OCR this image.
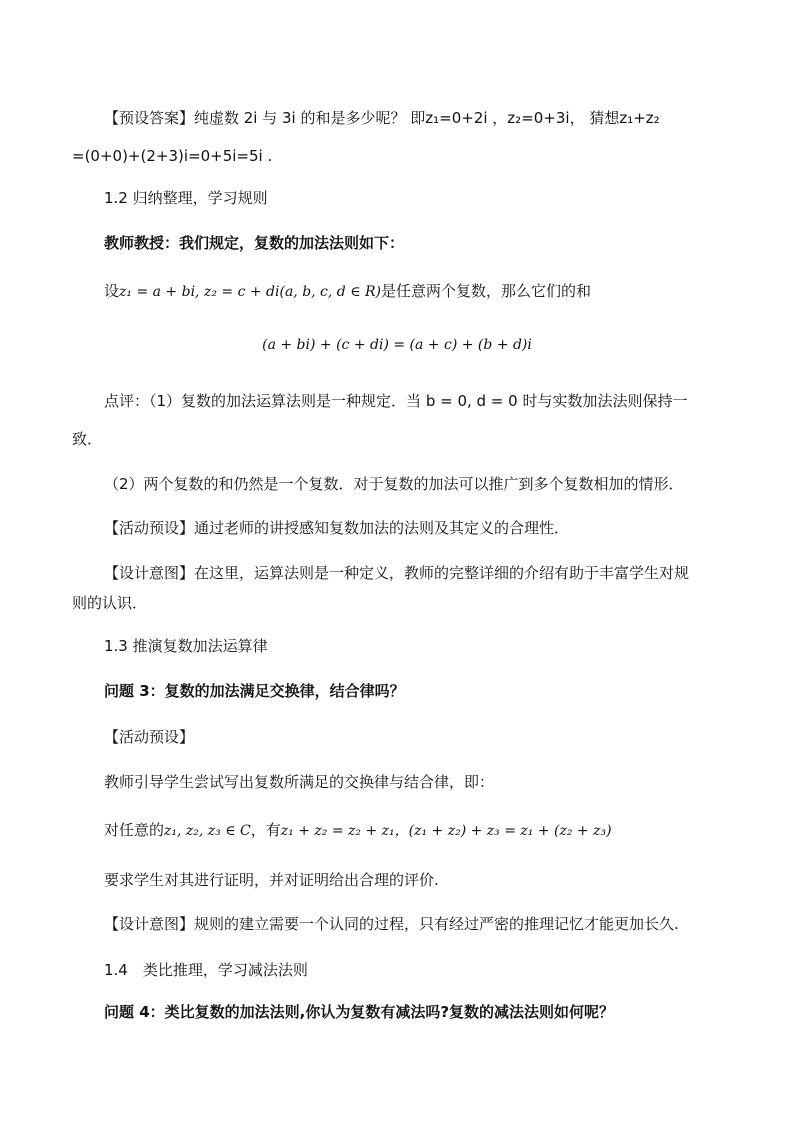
【预设答案】纯虚数 2i 与 3i 的和是多少呢？ 即z₁=0+2i ，z₂=0+3i， 猜想z₁+z₂
=(0+0)+(2+3)i=0+5i=5i .
1.2 归纳整理，学习规则
教师教授：我们规定，复数的加法法则如下：
设z₁ = a + bi, z₂ = c + di(a, b, c, d ∈ R)是任意两个复数，那么它们的和
(a + bi) + (c + di) = (a + c) + (b + d)i
点评：（1）复数的加法运算法则是一种规定．当 b = 0, d = 0 时与实数加法法则保持一
致．
（2）两个复数的和仍然是一个复数．对于复数的加法可以推广到多个复数相加的情形．
【活动预设】通过老师的讲授感知复数加法的法则及其定义的合理性．
【设计意图】在这里，运算法则是一种定义，教师的完整详细的介绍有助于丰富学生对规
则的认识．
1.3 推演复数加法运算律
问题 3：复数的加法满足交换律，结合律吗？
【活动预设】
教师引导学生尝试写出复数所满足的交换律与结合律，即：
对任意的z₁, z₂, z₃ ∈ C，有z₁ + z₂ = z₂ + z₁，(z₁ + z₂) + z₃ = z₁ + (z₂ + z₃)
要求学生对其进行证明，并对证明给出合理的评价.
【设计意图】规则的建立需要一个认同的过程，只有经过严密的推理记忆才能更加长久.
1.4　类比推理，学习减法法则
问题 4：类比复数的加法法则,你认为复数有减法吗?复数的减法法则如何呢？
